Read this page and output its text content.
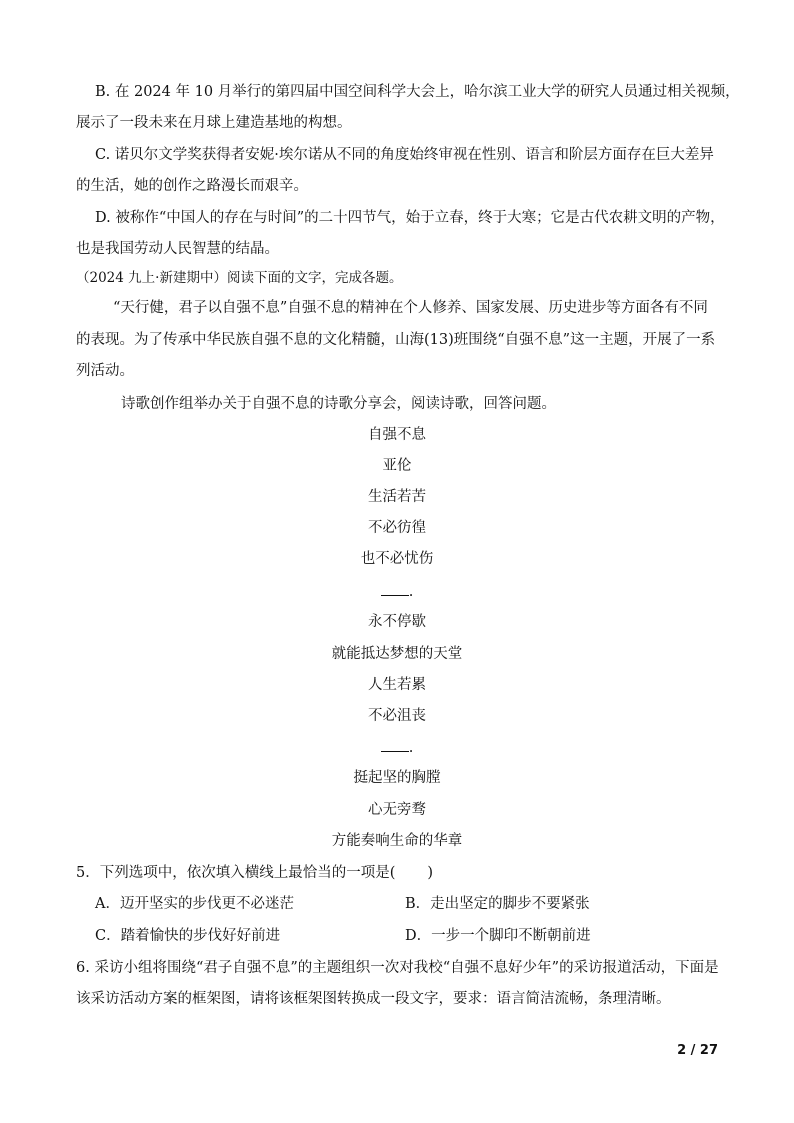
B. 在 2024 年 10 月举行的第四届中国空间科学大会上，哈尔滨工业大学的研究人员通过相关视频，
展示了一段未来在月球上建造基地的构想。
C. 诺贝尔文学奖获得者安妮·埃尔诺从不同的角度始终审视在性别、语言和阶层方面存在巨大差异
的生活，她的创作之路漫长而艰辛。
D. 被称作“中国人的存在与时间”的二十四节气，始于立春，终于大寒；它是古代农耕文明的产物，
也是我国劳动人民智慧的结晶。
（2024 九上·新建期中）阅读下面的文字，完成各题。
“天行健，君子以自强不息”自强不息的精神在个人修养、国家发展、历史进步等方面各有不同
的表现。为了传承中华民族自强不息的文化精髓，山海(13)班围绕“自强不息”这一主题，开展了一系
列活动。
诗歌创作组举办关于自强不息的诗歌分享会，阅读诗歌，回答问题。
自强不息
亚伦
生活若苦
不必彷徨
也不必忧伤
.
永不停歇
就能抵达梦想的天堂
人生若累
不必沮丧
.
挺起坚的胸膛
心无旁骛
方能奏响生命的华章
5．下列选项中，依次填入横线上最恰当的一项是( )
A．迈开坚实的步伐更不必迷茫	B．走出坚定的脚步不要紧张
C．踏着愉快的步伐好好前进	D．一步一个脚印不断朝前进
6. 采访小组将围绕“君子自强不息”的主题组织一次对我校“自强不息好少年”的采访报道活动，下面是
该采访活动方案的框架图，请将该框架图转换成一段文字，要求：语言简洁流畅，条理清晰。
2 / 27
